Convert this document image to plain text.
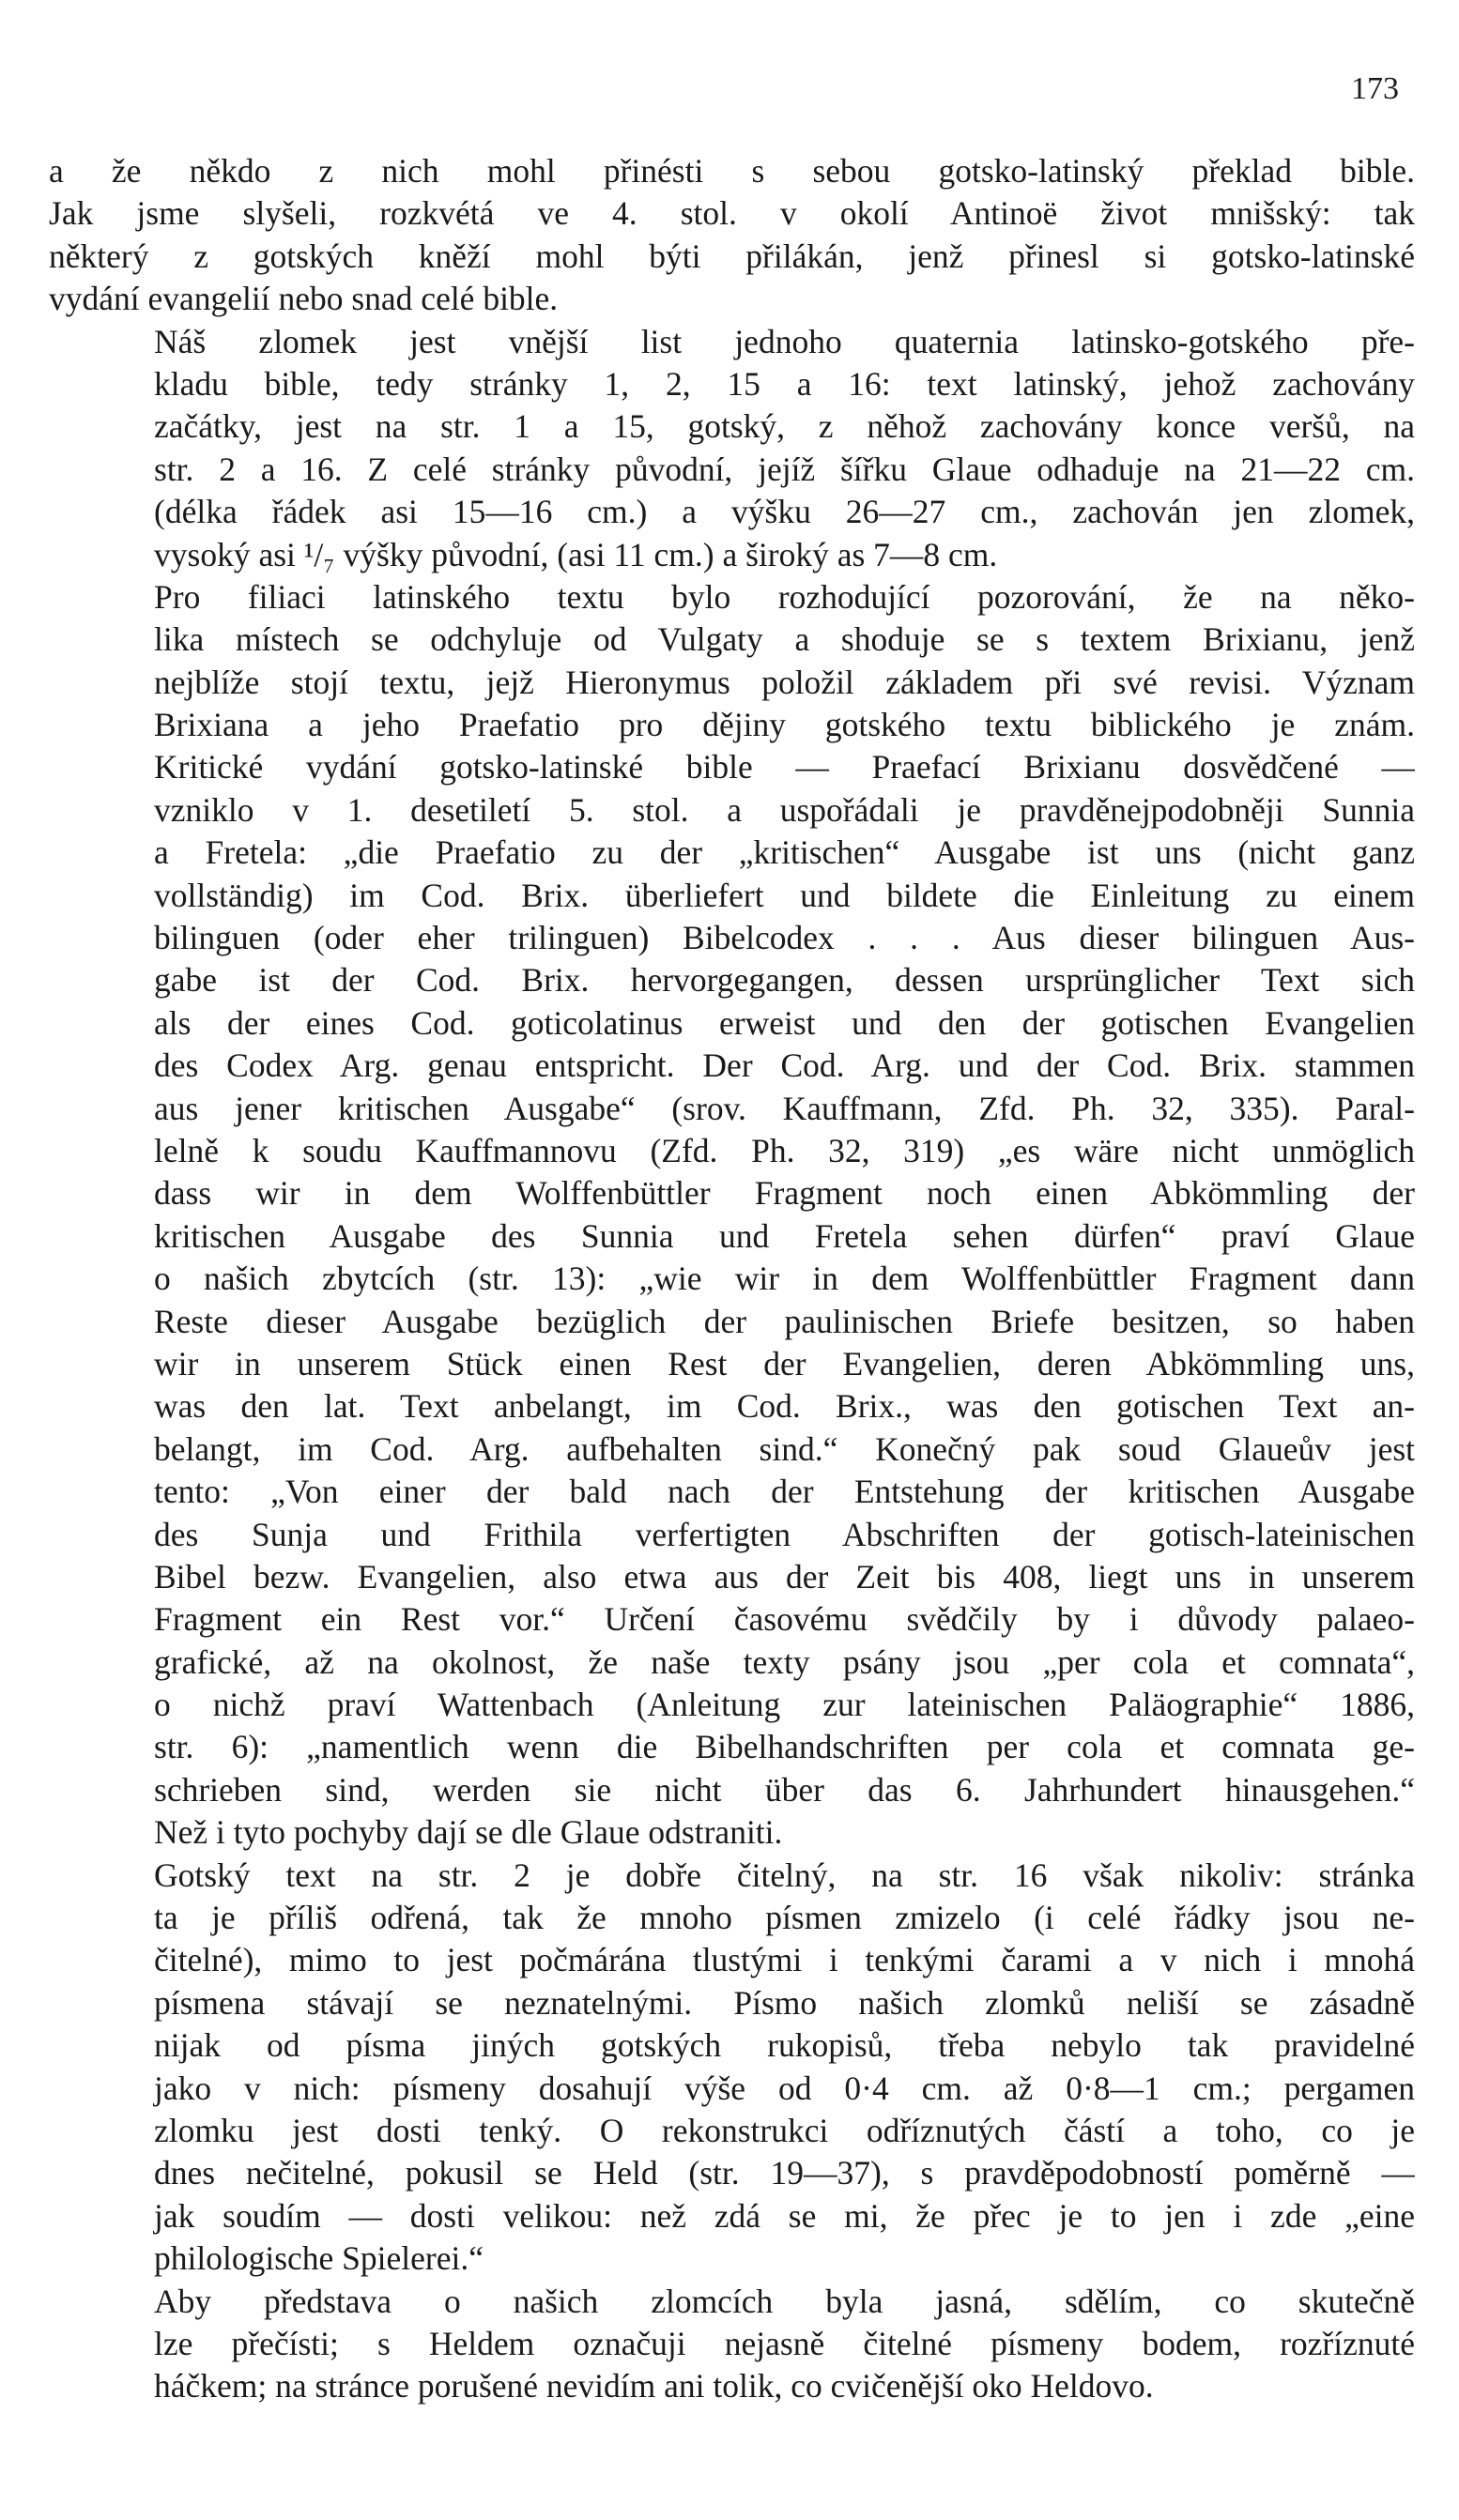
173
a že někdo z nich mohl přinésti s sebou gotsko-latinský překlad bible.
Jak jsme slyšeli, rozkvétá ve 4. stol. v okolí Antinoë život mnišský: tak
některý z gotských kněží mohl býti přilákán, jenž přinesl si gotsko-latinské
vydání evangelií nebo snad celé bible.
Náš zlomek jest vnější list jednoho quaternia latinsko-gotského pře-
kladu bible, tedy stránky 1, 2, 15 a 16: text latinský, jehož zachovány
začátky, jest na str. 1 a 15, gotský, z něhož zachovány konce veršů, na
str. 2 a 16. Z celé stránky původní, jejíž šířku Glaue odhaduje na 21—22 cm.
(délka řádek asi 15—16 cm.) a výšku 26—27 cm., zachován jen zlomek,
vysoký asi ¹/₇ výšky původní, (asi 11 cm.) a široký as 7—8 cm.
Pro filiaci latinského textu bylo rozhodující pozorování, že na něko-
lika místech se odchyluje od Vulgaty a shoduje se s textem Brixianu, jenž
nejblíže stojí textu, jejž Hieronymus položil základem při své revisi. Význam
Brixiana a jeho Praefatio pro dějiny gotského textu biblického je znám.
Kritické vydání gotsko-latinské bible — Praefací Brixianu dosvědčené —
vzniklo v 1. desetiletí 5. stol. a uspořádali je pravděnejpodobněji Sunnia
a Fretela: „die Praefatio zu der „kritischen“ Ausgabe ist uns (nicht ganz
vollständig) im Cod. Brix. überliefert und bildete die Einleitung zu einem
bilinguen (oder eher trilinguen) Bibelcodex . . . Aus dieser bilinguen Aus-
gabe ist der Cod. Brix. hervorgegangen, dessen ursprünglicher Text sich
als der eines Cod. goticolatinus erweist und den der gotischen Evangelien
des Codex Arg. genau entspricht. Der Cod. Arg. und der Cod. Brix. stammen
aus jener kritischen Ausgabe“ (srov. Kauffmann, Zfd. Ph. 32, 335). Paral-
lelně k soudu Kauffmannovu (Zfd. Ph. 32, 319) „es wäre nicht unmöglich
dass wir in dem Wolffenbüttler Fragment noch einen Abkömmling der
kritischen Ausgabe des Sunnia und Fretela sehen dürfen“ praví Glaue
o našich zbytcích (str. 13): „wie wir in dem Wolffenbüttler Fragment dann
Reste dieser Ausgabe bezüglich der paulinischen Briefe besitzen, so haben
wir in unserem Stück einen Rest der Evangelien, deren Abkömmling uns,
was den lat. Text anbelangt, im Cod. Brix., was den gotischen Text an-
belangt, im Cod. Arg. aufbehalten sind.“ Konečný pak soud Glaueův jest
tento: „Von einer der bald nach der Entstehung der kritischen Ausgabe
des Sunja und Frithila verfertigten Abschriften der gotisch-lateinischen
Bibel bezw. Evangelien, also etwa aus der Zeit bis 408, liegt uns in unserem
Fragment ein Rest vor.“ Určení časovému svědčily by i důvody palaeo-
grafické, až na okolnost, že naše texty psány jsou „per cola et comnata“,
o nichž praví Wattenbach (Anleitung zur lateinischen Paläographie“ 1886,
str. 6): „namentlich wenn die Bibelhandschriften per cola et comnata ge-
schrieben sind, werden sie nicht über das 6. Jahrhundert hinausgehen.“
Než i tyto pochyby dají se dle Glaue odstraniti.
Gotský text na str. 2 je dobře čitelný, na str. 16 však nikoliv: stránka
ta je příliš odřená, tak že mnoho písmen zmizelo (i celé řádky jsou ne-
čitelné), mimo to jest počmárána tlustými i tenkými čarami a v nich i mnohá
písmena stávají se neznatelnými. Písmo našich zlomků neliší se zásadně
nijak od písma jiných gotských rukopisů, třeba nebylo tak pravidelné
jako v nich: písmeny dosahují výše od 0·4 cm. až 0·8—1 cm.; pergamen
zlomku jest dosti tenký. O rekonstrukci odříznutých částí a toho, co je
dnes nečitelné, pokusil se Held (str. 19—37), s pravděpodobností poměrně —
jak soudím — dosti velikou: než zdá se mi, že přec je to jen i zde „eine
philologische Spielerei.“
Aby představa o našich zlomcích byla jasná, sdělím, co skutečně
lze přečísti; s Heldem označuji nejasně čitelné písmeny bodem, rozříznuté
háčkem; na stránce porušené nevidím ani tolik, co cvičenější oko Heldovo.
